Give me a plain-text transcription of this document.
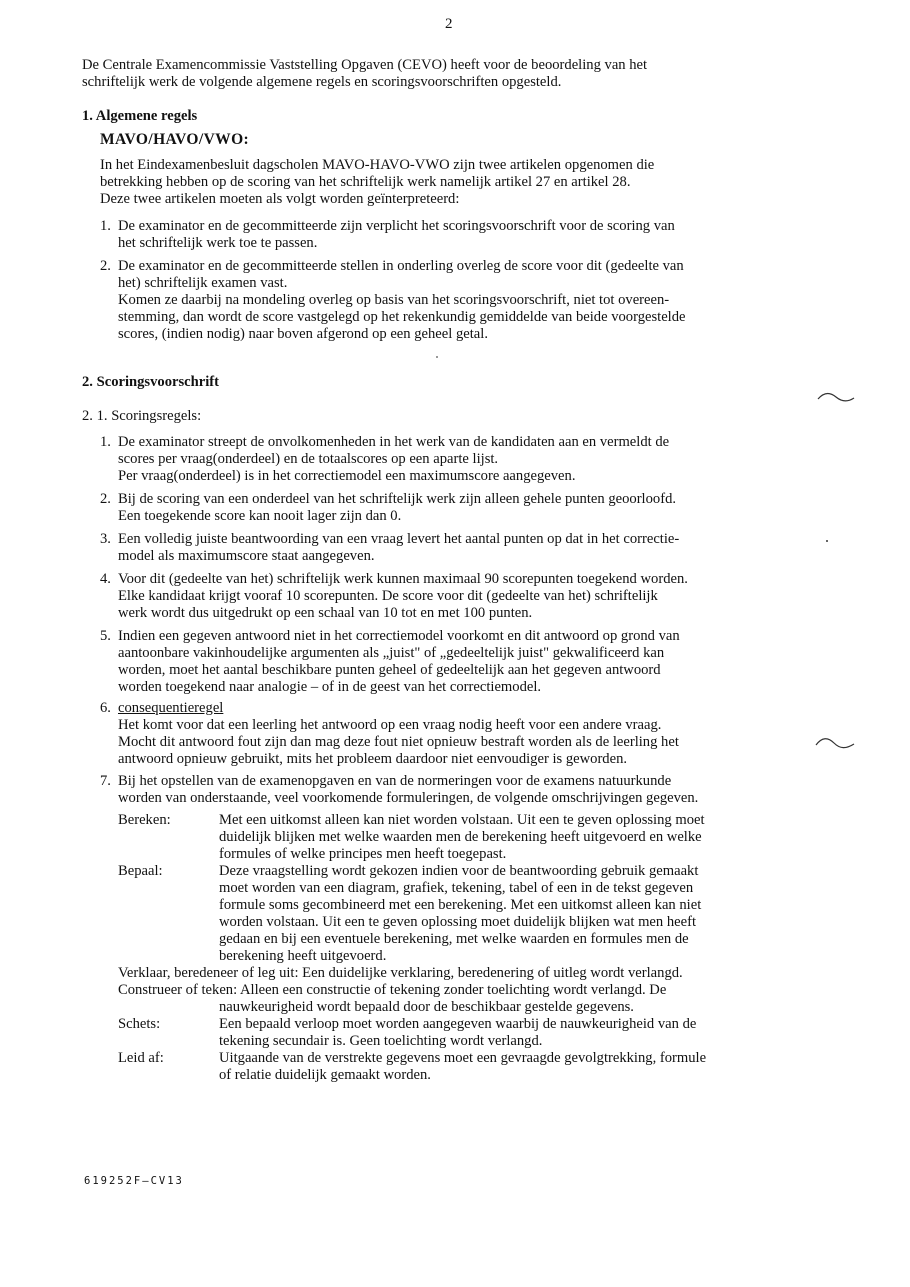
2
De Centrale Examencommissie Vaststelling Opgaven (CEVO) heeft voor de beoordeling van het
schriftelijk werk de volgende algemene regels en scoringsvoorschriften opgesteld.
1. Algemene regels
MAVO/HAVO/VWO:
In het Eindexamenbesluit dagscholen MAVO-HAVO-VWO zijn twee artikelen opgenomen die
betrekking hebben op de scoring van het schriftelijk werk namelijk artikel 27 en artikel 28.
Deze twee artikelen moeten als volgt worden geïnterpreteerd:
1. De examinator en de gecommitteerde zijn verplicht het scoringsvoorschrift voor de scoring van
het schriftelijk werk toe te passen.
2. De examinator en de gecommitteerde stellen in onderling overleg de score voor dit (gedeelte van
het) schriftelijk examen vast.
Komen ze daarbij na mondeling overleg op basis van het scoringsvoorschrift, niet tot overeen-
stemming, dan wordt de score vastgelegd op het rekenkundig gemiddelde van beide voorgestelde
scores, (indien nodig) naar boven afgerond op een geheel getal.
2. Scoringsvoorschrift
2. 1. Scoringsregels:
1. De examinator streept de onvolkomenheden in het werk van de kandidaten aan en vermeldt de
scores per vraag(onderdeel) en de totaalscores op een aparte lijst.
Per vraag(onderdeel) is in het correctiemodel een maximumscore aangegeven.
2. Bij de scoring van een onderdeel van het schriftelijk werk zijn alleen gehele punten geoorloofd.
Een toegekende score kan nooit lager zijn dan 0.
3. Een volledig juiste beantwoording van een vraag levert het aantal punten op dat in het correctie-
model als maximumscore staat aangegeven.
4. Voor dit (gedeelte van het) schriftelijk werk kunnen maximaal 90 scorepunten toegekend worden.
Elke kandidaat krijgt vooraf 10 scorepunten. De score voor dit (gedeelte van het) schriftelijk
werk wordt dus uitgedrukt op een schaal van 10 tot en met 100 punten.
5. Indien een gegeven antwoord niet in het correctiemodel voorkomt en dit antwoord op grond van
aantoonbare vakinhoudelijke argumenten als „juist" of „gedeeltelijk juist" gekwalificeerd kan
worden, moet het aantal beschikbare punten geheel of gedeeltelijk aan het gegeven antwoord
worden toegekend naar analogie – of in de geest van het correctiemodel.
6. consequentieregel
Het komt voor dat een leerling het antwoord op een vraag nodig heeft voor een andere vraag.
Mocht dit antwoord fout zijn dan mag deze fout niet opnieuw bestraft worden als de leerling het
antwoord opnieuw gebruikt, mits het probleem daardoor niet eenvoudiger is geworden.
7. Bij het opstellen van de examenopgaven en van de normeringen voor de examens natuurkunde
worden van onderstaande, veel voorkomende formuleringen, de volgende omschrijvingen gegeven.
Bereken:	Met een uitkomst alleen kan niet worden volstaan. Uit een te geven oplossing moet
duidelijk blijken met welke waarden men de berekening heeft uitgevoerd en welke
formules of welke principes men heeft toegepast.
Bepaal:	Deze vraagstelling wordt gekozen indien voor de beantwoording gebruik gemaakt
moet worden van een diagram, grafiek, tekening, tabel of een in de tekst gegeven
formule soms gecombineerd met een berekening. Met een uitkomst alleen kan niet
worden volstaan. Uit een te geven oplossing moet duidelijk blijken wat men heeft
gedaan en bij een eventuele berekening, met welke waarden en formules men de
berekening heeft uitgevoerd.
Verklaar, beredeneer of leg uit: Een duidelijke verklaring, beredenering of uitleg wordt verlangd.
Construeer of teken: Alleen een constructie of tekening zonder toelichting wordt verlangd. De
nauwkeurigheid wordt bepaald door de beschikbaar gestelde gegevens.
Schets:	Een bepaald verloop moet worden aangegeven waarbij de nauwkeurigheid van de
tekening secundair is. Geen toelichting wordt verlangd.
Leid af:	Uitgaande van de verstrekte gegevens moet een gevraagde gevolgtrekking, formule
of relatie duidelijk gemaakt worden.
619252F–CV13
